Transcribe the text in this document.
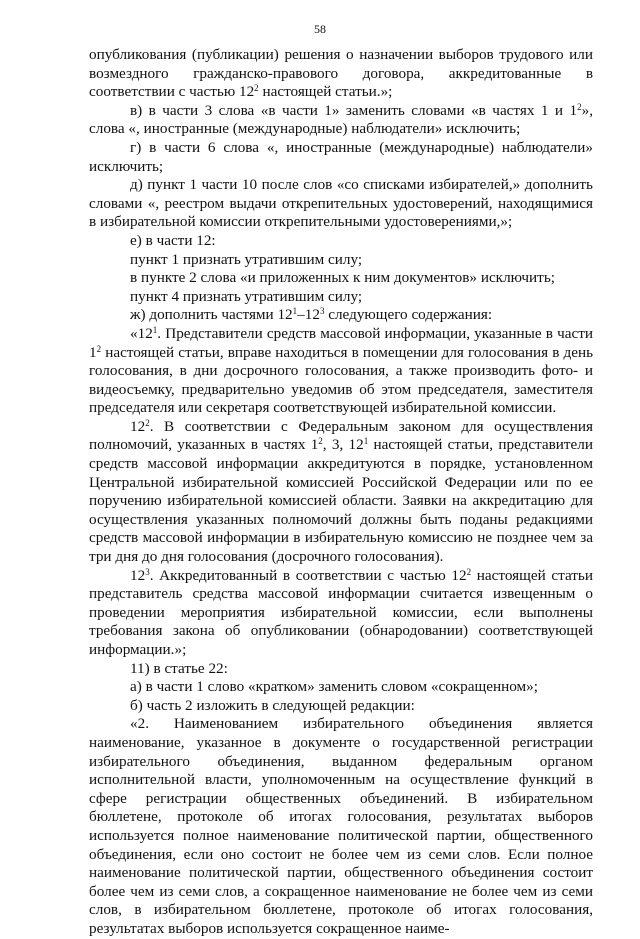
58

опубликования (публикации) решения о назначении выборов трудового или возмездного гражданско-правового договора, аккредитованные в соответствии с частью $12^2$ настоящей статьи.»;

в) в части 3 слова «в части 1» заменить словами «в частях 1 и $1^2$», слова «, иностранные (международные) наблюдатели» исключить;

г) в части 6 слова «, иностранные (международные) наблюдатели» исключить;

д) пункт 1 части 10 после слов «со списками избирателей,» дополнить словами «, реестром выдачи открепительных удостоверений, находящимися в избирательной комиссии открепительными удостоверениями,»;

е) в части 12:

пункт 1 признать утратившим силу;

в пункте 2 слова «и приложенных к ним документов» исключить;

пункт 4 признать утратившим силу;

ж) дополнить частями $12^1-12^3$ следующего содержания:

«$12^1$. Представители средств массовой информации, указанные в части $1^2$ настоящей статьи, вправе находиться в помещении для голосования в день голосования, в дни досрочного голосования, а также производить фото- и видеосъемку, предварительно уведомив об этом председателя, заместителя председателя или секретаря соответствующей избирательной комиссии.

$12^2$. В соответствии с Федеральным законом для осуществления полномочий, указанных в частях $1^2$, 3, $12^1$ настоящей статьи, представители средств массовой информации аккредитуются в порядке, установленном Центральной избирательной комиссией Российской Федерации или по ее поручению избирательной комиссией области. Заявки на аккредитацию для осуществления указанных полномочий должны быть поданы редакциями средств массовой информации в избирательную комиссию не позднее чем за три дня до дня голосования (досрочного голосования).

$12^3$. Аккредитованный в соответствии с частью $12^2$ настоящей статьи представитель средства массовой информации считается извещенным о проведении мероприятия избирательной комиссии, если выполнены требования закона об опубликовании (обнародовании) соответствующей информации.»;

11) в статье 22:

а) в части 1 слово «кратком» заменить словом «сокращенном»;

б) часть 2 изложить в следующей редакции:

«2. Наименованием избирательного объединения является наименование, указанное в документе о государственной регистрации избирательного объединения, выданном федеральным органом исполнительной власти, уполномоченным на осуществление функций в сфере регистрации общественных объединений. В избирательном бюллетене, протоколе об итогах голосования, результатах выборов используется полное наименование политической партии, общественного объединения, если оно состоит не более чем из семи слов. Если полное наименование политической партии, общественного объединения состоит более чем из семи слов, а сокращенное наименование не более чем из семи слов, в избирательном бюллетене, протоколе об итогах голосования, результатах выборов используется сокращенное наиме-
